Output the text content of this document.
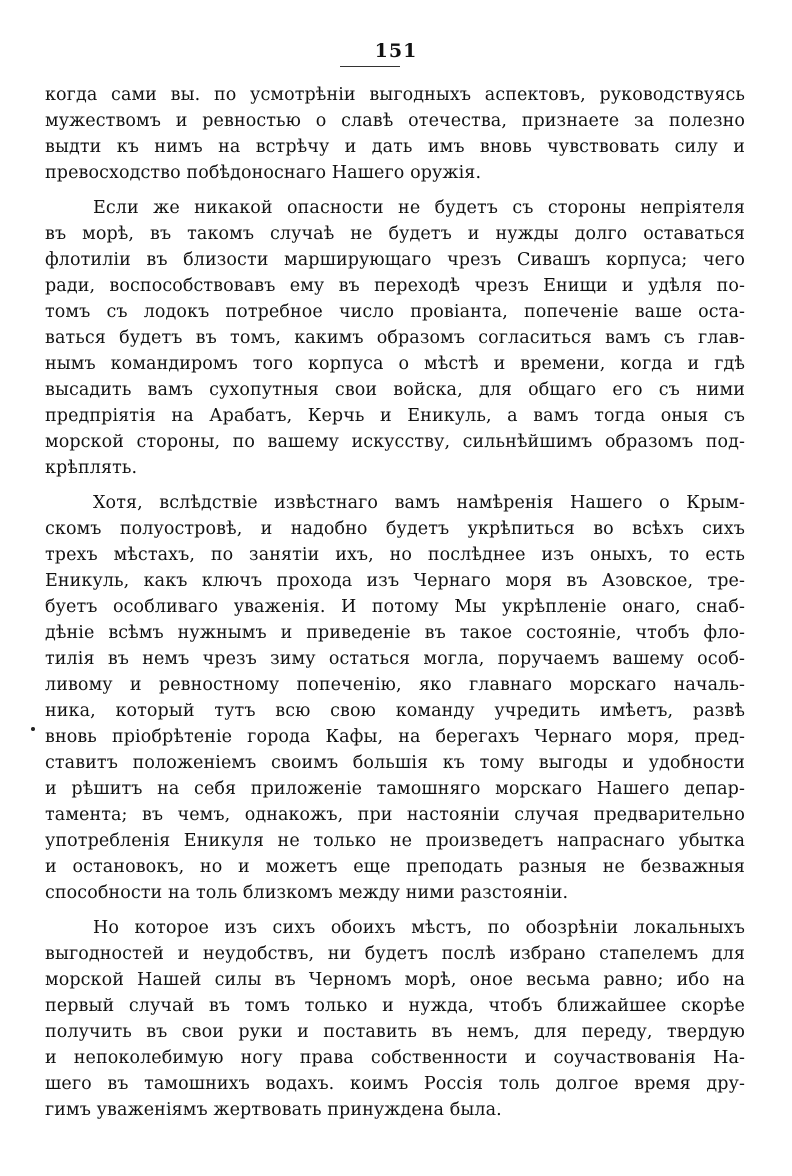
151
когда сами вы. по усмотрѣніи выгодныхъ аспектовъ, руководствуясь
мужествомъ и ревностью о славѣ отечества, признаете за полезно
выдти къ нимъ на встрѣчу и дать имъ вновь чувствовать силу и
превосходство побѣдоноснаго Нашего оружія.
Если же никакой опасности не будетъ съ стороны непріятеля
въ морѣ, въ такомъ случаѣ не будетъ и нужды долго оставаться
флотиліи въ близости марширующаго чрезъ Сивашъ корпуса; чего
ради, воспособствовавъ ему въ переходѣ чрезъ Енищи и удѣля по-
томъ съ лодокъ потребное число провіанта, попеченіе ваше оста-
ваться будетъ въ томъ, какимъ образомъ согласиться вамъ съ глав-
нымъ командиромъ того корпуса о мѣстѣ и времени, когда и гдѣ
высадить вамъ сухопутныя свои войска, для общаго его съ ними
предпріятія на Арабатъ, Керчь и Еникуль, а вамъ тогда оныя съ
морской стороны, по вашему искусству, сильнѣйшимъ образомъ под-
крѣплять.
Хотя, вслѣдствіе извѣстнаго вамъ намѣренія Нашего о Крым-
скомъ полуостровѣ, и надобно будетъ укрѣпиться во всѣхъ сихъ
трехъ мѣстахъ, по занятіи ихъ, но послѣднее изъ оныхъ, то есть
Еникуль, какъ ключъ прохода изъ Чернаго моря въ Азовское, тре-
буетъ особливаго уваженія. И потому Мы укрѣпленіе онаго, снаб-
дѣніе всѣмъ нужнымъ и приведеніе въ такое состояніе, чтобъ фло-
тилія въ немъ чрезъ зиму остаться могла, поручаемъ вашему особ-
ливому и ревностному попеченію, яко главнаго морскаго началь-
ника, который тутъ всю свою команду учредить имѣетъ, развѣ
вновь пріобрѣтеніе города Кафы, на берегахъ Чернаго моря, пред-
ставитъ положеніемъ своимъ большія къ тому выгоды и удобности
и рѣшитъ на себя приложеніе тамошняго морскаго Нашего депар-
тамента; въ чемъ, однакожъ, при настояніи случая предварительно
употребленія Еникуля не только не произведетъ напраснаго убытка
и остановокъ, но и можетъ еще преподать разныя не безважныя
способности на толь близкомъ между ними разстояніи.
Но которое изъ сихъ обоихъ мѣстъ, по обозрѣніи локальныхъ
выгодностей и неудобствъ, ни будетъ послѣ избрано стапелемъ для
морской Нашей силы въ Черномъ морѣ, оное весьма равно; ибо на
первый случай въ томъ только и нужда, чтобъ ближайшее скорѣе
получить въ свои руки и поставить въ немъ, для переду, твердую
и непоколебимую ногу права собственности и соучаствованія На-
шего въ тамошнихъ водахъ. коимъ Россія толь долгое время дру-
гимъ уваженіямъ жертвовать принуждена была.
